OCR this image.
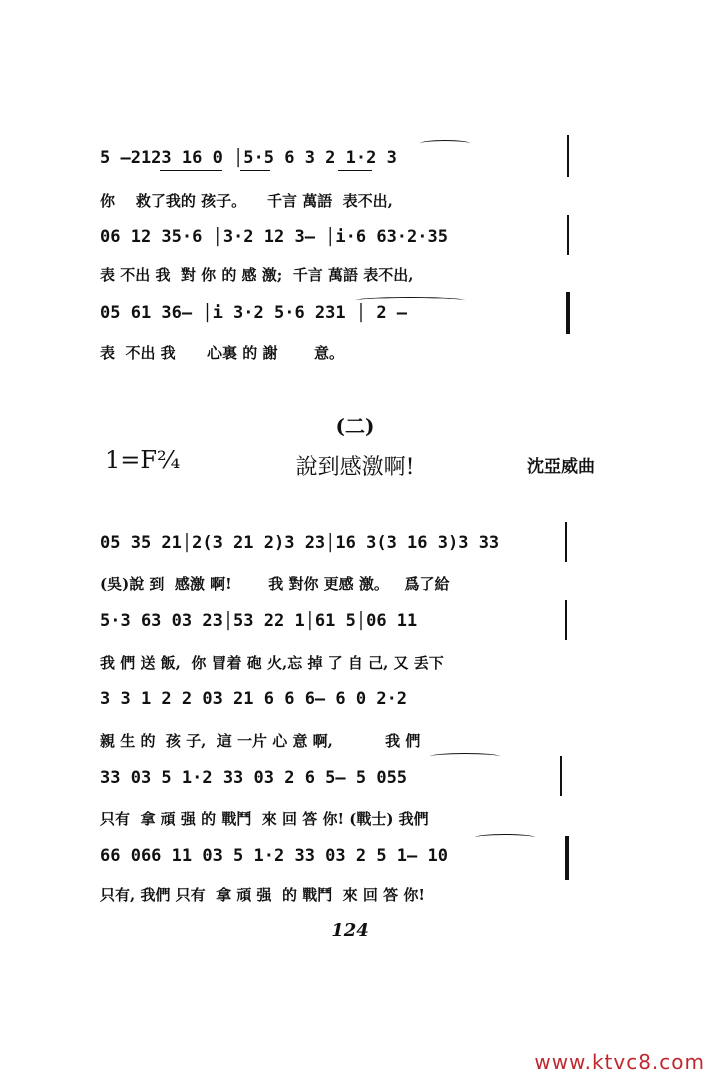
5 —2123 16 0 │5·5 6 3 2 1·2 3
你    救了我的 孩子。    千言 萬語  表不出,
06 12 35·6 │3·2 12 3— │i·6 63·2·35
表 不出 我  對 你 的 感 激;  千言 萬語 表不出,
05 61 36— │i 3·2 5·6 231 │ 2 —
表  不出 我      心裏 的 謝       意。
(二)
1=F²⁄₄	說到感激啊!	沈亞威曲
05 35 21│2(3 21 2)3 23│16 3(3 16 3)3 33
(吳)說 到  感激 啊!       我 對你 更感 激。   爲了給
5·3 63 03 23│53 22 1│61 5│06 11
我 們 送 飯,  你 冒着 砲 火,忘 掉 了 自 己, 又 丢下
3 3 1 2 2 03 21 6 6 6— 6 0 2·2
親 生 的  孩 子,  這 一片 心 意 啊,          我 們
33 03 5 1·2 33 03 2 6 5— 5 055
只有  拿 頑 强 的 戰鬥  來 回 答 你! (戰士) 我們
66 066 11 03 5 1·2 33 03 2 5 1— 10
只有, 我們 只有  拿 頑 强  的 戰鬥  來 回 答 你!
124
www.ktvc8.com
